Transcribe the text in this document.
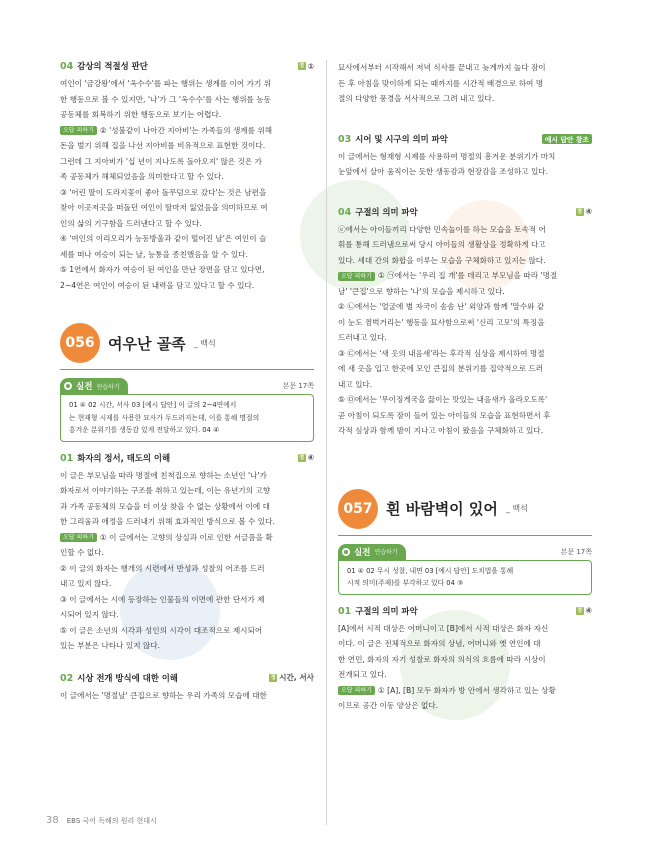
04 감상의 적절성 판단	정 ①

여인이 '금강왕'에서 '옥수수'를 파는 행위는 생계를 이어 가기 위

한 행동으로 볼 수 있지만, '나'가 그 '옥수수'를 사는 행위를 능동

공동체를 회복하기 위한 행동으로 보기는 어렵다.

오답 피하기 ② '성불같이 나아간 지아비'는 가족들의 생계를 위해

돈을 벌기 위해 집을 나선 지아비를 비유적으로 표현한 것이다.

그런데 그 지아비가 '십 년이 지나도록 돌아오지' 않은 것은 가

족 공동체가 해체되었음을 의미한다고 할 수 있다.

③ '어린 딸이 도라지꽃이 좋아 돌무덤으로 갔다'는 것은 남편을

찾아 이곳저곳을 떠돌던 여인이 딸마저 잃었음을 의미하므로 여

인의 삶의 기구함을 드러낸다고 할 수 있다.

④ '여인의 이리오리가 능동방울과 같이 떨어진 날'은 여인이 슬

세를 떠나 여승이 되는 날, 능통을 종친했음을 알 수 있다.

⑤ 1연에서 화자가 여승이 된 여인을 만난 장면을 담고 있다면,

2~4연은 여인이 여승이 된 내력을 담고 있다고 할 수 있다.

056 여우난 골족 _ 백석
실전 연습하기	본문 17쪽

01 ④ 02 시간, 서사 03 [예시 답안] 이 글의 2~4연에서

는 현재형 시제를 사용한 묘사가 두드러지는데, 이를 통해 명절의

흥겨운 분위기를 생동감 있게 전달하고 있다. 04 ④

01 화자의 정서, 태도의 이해	정 ④

이 글은 부모님을 따라 명절에 친척집으로 향하는 소년인 '나'가

화자로서 이야기하는 구조를 취하고 있는데, 이는 유년기의 고향

과 가족 공동체의 모습을 더 이상 찾을 수 없는 상황에서 이에 대

한 그리움과 애정을 드러내기 위해 효과적인 방식으로 볼 수 있다.

오답 피하기 ① 이 글에서는 고향의 상실과 이로 인한 서글픔을 확

인할 수 없다.

② 이 글의 화자는 행개의 시련에서 반성과 성찰의 어조를 드러

내고 있지 않다.

③ 이 글에서는 시에 등장하는 인물들의 이면에 관한 단서가 제

시되어 있지 않다.

⑤ 이 글은 소년의 시각과 성인의 시각이 대조적으로 제시되어

있는 부분은 나타나 있지 않다.

02 시상 전개 방식에 대한 이해	정 시간, 서사

이 글에서는 '명절날' 큰집으로 향하는 우리 가족의 모습에 대한

묘사에서부터 시작해서 저녁 식사를 끝내고 늦게까지 놀다 잠이

든 후 아침을 맞이하게 되는 때까지를 시간적 배경으로 하여 명

절의 다양한 풍경을 서사적으로 그려 내고 있다.

03 시어 및 시구의 의미 파악	예시 답안 참조

이 글에서는 형재형 시제를 사용하여 명절의 흥겨운 분위기가 마치

눈앞에서 살아 움직이는 듯한 생동감과 현장감을 조성하고 있다.

04 구절의 의미 파악	정 ④

ⓔ에서는 아이들끼리 다양한 민속놀이를 하는 모습을 토속적 어

휘를 통해 드러냄으로써 당시 아이들의 생활상을 정확하게 다고

있다. 세대 간의 화합을 이루는 모습을 구체화하고 있지는 않다.

오답 피하기 ① ㉠에서는 '우리 집 개'를 데리고 부모님을 따라 '명절

날' '큰집'으로 향하는 '나'의 모습을 제시하고 있다.

② ㉡에서는 '얼굴에 별 자국이 솜솜 난' 외양과 함께 '말수와 같

이 눈도 껌벅거리는' 행동을 묘사함으로써 '신리 고모'의 특징을

드러내고 있다.

③ ㉢에서는 '새 옷의 내음새'라는 후각적 심상을 제시하여 명절

에 새 옷을 입고 한곳에 모인 큰집의 분위기를 집약적으로 드러

내고 있다.

⑤ ㉤에서는 '무이징게국을 끓이는 맛있는 내음새가 올라오도록'

곧 아침이 되도록 잠이 들어 있는 아이들의 모습을 표현하면서 후

각적 심상과 함께 밤이 지나고 아침이 왔음을 구체화하고 있다.

057 흰 바람벽이 있어 _ 백석
실전 연습하기	본문 17쪽

01 ④ 02 무시 성찰, 내면 03 [예시 답안] 도치법을 통해

시적 의미(주제)를 부각하고 있다 04 ③

01 구절의 의미 파악	정 ④

[A]에서 시적 대상은 어머니이고 [B]에서 시적 대상은 화자 자신

이다. 이 글은 전체적으로 화자의 상념, 어머니와 옛 연인에 대

한 연민, 화자의 자기 성찰로 화자의 의식의 흐름에 따라 시상이

전개되고 있다.

오답 피하기 ① [A], [B] 모두 화자가 방 안에서 생각하고 있는 상황

이므로 공간 이동 양상은 없다.

38 EBS 국어 독해의 원리 현대시
